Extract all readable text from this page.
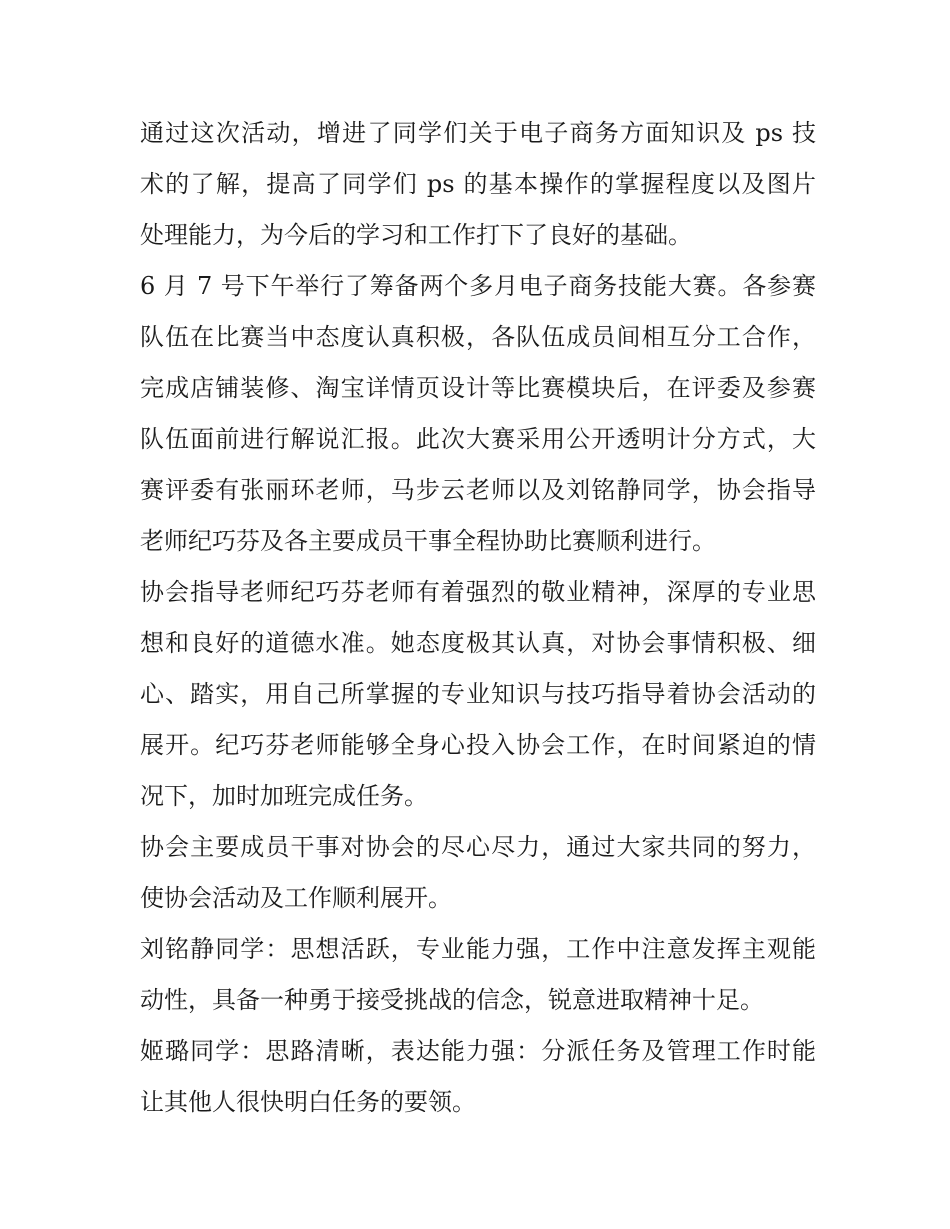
通过这次活动，增进了同学们关于电子商务方面知识及 ps 技
术的了解，提高了同学们 ps 的基本操作的掌握程度以及图片
处理能力，为今后的学习和工作打下了良好的基础。
6 月 7 号下午举行了筹备两个多月电子商务技能大赛。各参赛
队伍在比赛当中态度认真积极，各队伍成员间相互分工合作，
完成店铺装修、淘宝详情页设计等比赛模块后，在评委及参赛
队伍面前进行解说汇报。此次大赛采用公开透明计分方式，大
赛评委有张丽环老师，马步云老师以及刘铭静同学，协会指导
老师纪巧芬及各主要成员干事全程协助比赛顺利进行。
协会指导老师纪巧芬老师有着强烈的敬业精神，深厚的专业思
想和良好的道德水准。她态度极其认真，对协会事情积极、细
心、踏实，用自己所掌握的专业知识与技巧指导着协会活动的
展开。纪巧芬老师能够全身心投入协会工作，在时间紧迫的情
况下，加时加班完成任务。
协会主要成员干事对协会的尽心尽力，通过大家共同的努力，
使协会活动及工作顺利展开。
刘铭静同学：思想活跃，专业能力强，工作中注意发挥主观能
动性，具备一种勇于接受挑战的信念，锐意进取精神十足。
姬璐同学：思路清晰，表达能力强：分派任务及管理工作时能
让其他人很快明白任务的要领。
